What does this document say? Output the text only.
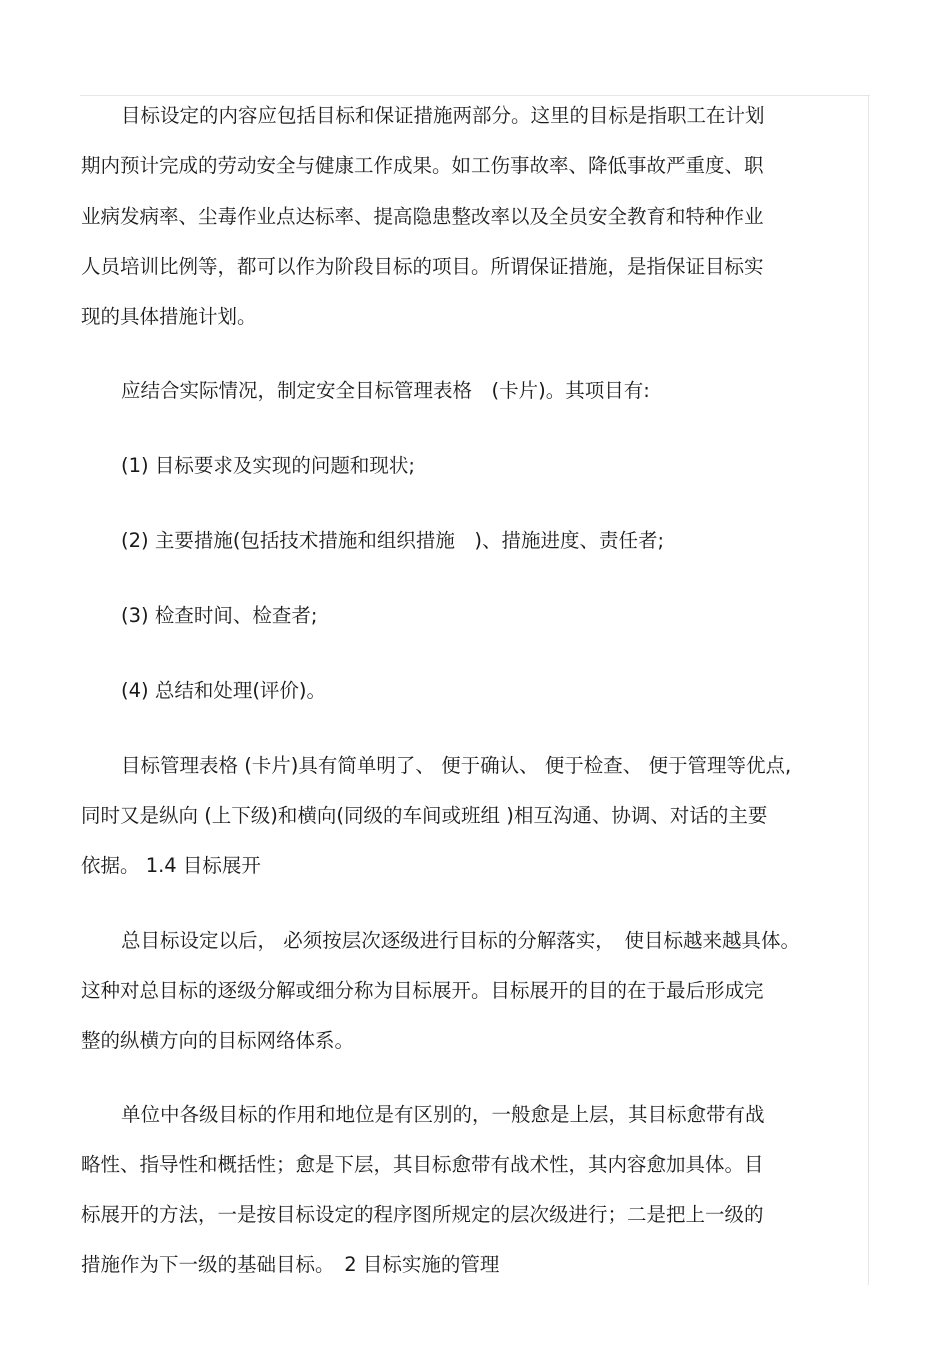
目标设定的内容应包括目标和保证措施两部分。这里的目标是指职工在计划
期内预计完成的劳动安全与健康工作成果。如工伤事故率、降低事故严重度、职
业病发病率、尘毒作业点达标率、提高隐患整改率以及全员安全教育和特种作业
人员培训比例等，都可以作为阶段目标的项目。所谓保证措施，是指保证目标实
现的具体措施计划。
应结合实际情况，制定安全目标管理表格　(卡片)。其项目有:
(1) 目标要求及实现的问题和现状;
(2) 主要措施(包括技术措施和组织措施　)、措施进度、责任者;
(3) 检查时间、检查者;
(4) 总结和处理(评价)。
目标管理表格 (卡片)具有简单明了、 便于确认、 便于检查、 便于管理等优点,
同时又是纵向 (上下级)和横向(同级的车间或班组 )相互沟通、协调、对话的主要
依据。 1.4 目标展开
总目标设定以后， 必须按层次逐级进行目标的分解落实，　使目标越来越具体。
这种对总目标的逐级分解或细分称为目标展开。目标展开的目的在于最后形成完
整的纵横方向的目标网络体系。
单位中各级目标的作用和地位是有区别的，一般愈是上层，其目标愈带有战
略性、指导性和概括性；愈是下层，其目标愈带有战术性，其内容愈加具体。目
标展开的方法，一是按目标设定的程序图所规定的层次级进行；二是把上一级的
措施作为下一级的基础目标。　2 目标实施的管理
